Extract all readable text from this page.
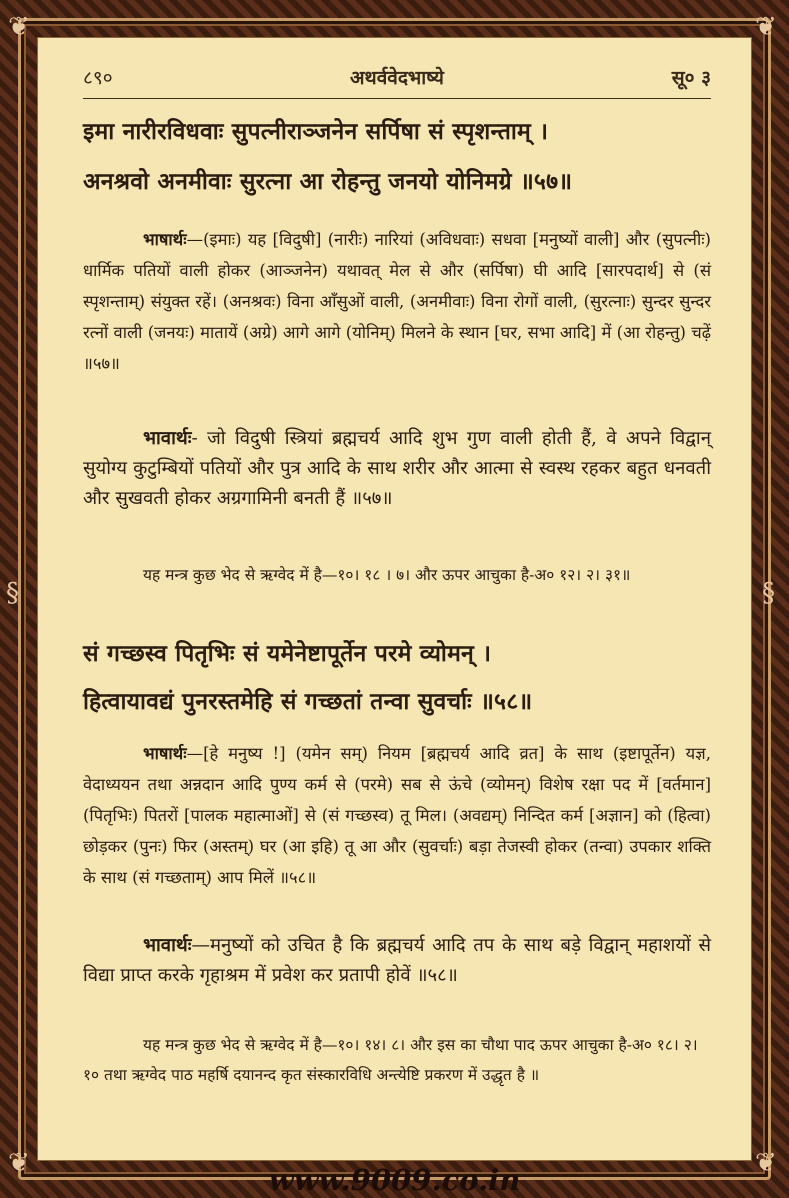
❦	❦
❦	❦
§	§
८९०	अथर्ववेदभाष्ये	सू० ३
इमा नारीरविधवाः सुपत्नीराञ्जनेन सर्पिषा सं स्पृशन्ताम् ।
अनश्रवो अनमीवाः सुरत्ना आ रोहन्तु जनयो योनिमग्रे ॥५७॥
भाषार्थः—(इमाः) यह [विदुषी] (नारीः) नारियां (अविधवाः) सधवा [मनुष्यों वाली] और (सुपत्नीः) धार्मिक पतियों वाली होकर (आञ्जनेन) यथावत् मेल से और (सर्पिषा) घी आदि [सारपदार्थ] से (सं स्पृशन्ताम्) संयुक्त रहें। (अनश्रवः) विना आँसुओं वाली, (अनमीवाः) विना रोगों वाली, (सुरत्नाः) सुन्दर सुन्दर रत्नों वाली (जनयः) मातायें (अग्रे) आगे आगे (योनिम्) मिलने के स्थान [घर, सभा आदि] में (आ रोहन्तु) चढ़ें ॥५७॥
भावार्थः- जो विदुषी स्त्रियां ब्रह्मचर्य आदि शुभ गुण वाली होती हैं, वे अपने विद्वान् सुयोग्य कुटुम्बियों पतियों और पुत्र आदि के साथ शरीर और आत्मा से स्वस्थ रहकर बहुत धनवती और सुखवती होकर अग्रगामिनी बनती हैं ॥५७॥
यह मन्त्र कुछ भेद से ऋग्वेद में है—१०। १८ । ७। और ऊपर आचुका है-अ० १२। २। ३१॥
सं गच्छस्व पितृभिः सं यमेनेष्टापूर्तेन परमे व्योमन् ।
हित्वायावद्यं पुनरस्तमेहि सं गच्छतां तन्वा सुवर्चाः ॥५८॥
भाषार्थः—[हे मनुष्य !] (यमेन सम्) नियम [ब्रह्मचर्य आदि व्रत] के साथ (इष्टापूर्तेन) यज्ञ, वेदाध्ययन तथा अन्नदान आदि पुण्य कर्म से (परमे) सब से ऊंचे (व्योमन्) विशेष रक्षा पद में [वर्तमान] (पितृभिः) पितरों [पालक महात्माओं] से (सं गच्छस्व) तू मिल। (अवद्यम्) निन्दित कर्म [अज्ञान] को (हित्वा) छोड़कर (पुनः) फिर (अस्तम्) घर (आ इहि) तू आ और (सुवर्चाः) बड़ा तेजस्वी होकर (तन्वा) उपकार शक्ति के साथ (सं गच्छताम्) आप मिलें ॥५८॥
भावार्थः—मनुष्यों को उचित है कि ब्रह्मचर्य आदि तप के साथ बड़े विद्वान् महाशयों से विद्या प्राप्त करके गृहाश्रम में प्रवेश कर प्रतापी होवें ॥५८॥
यह मन्त्र कुछ भेद से ऋग्वेद में है—१०। १४। ८। और इस का चौथा पाद ऊपर आचुका है-अ० १८। २। १० तथा ऋग्वेद पाठ महर्षि दयानन्द कृत संस्कारविधि अन्त्येष्टि प्रकरण में उद्धृत है ॥
www.9009.co.in
